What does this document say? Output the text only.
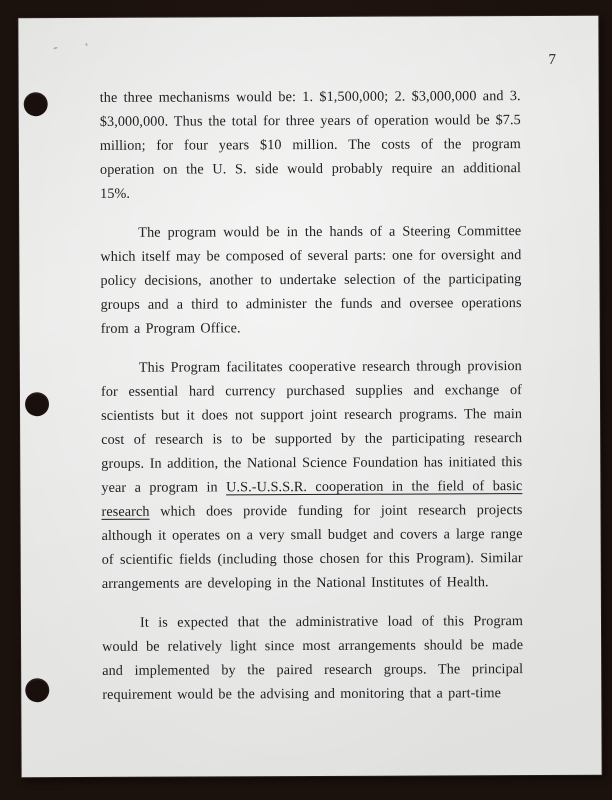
7

the three mechanisms would be: 1. $1,500,000; 2. $3,000,000 and 3. $3,000,000. Thus the total for three years of operation would be $7.5 million; for four years $10 million. The costs of the program operation on the U. S. side would probably require an additional 15%.

The program would be in the hands of a Steering Committee which itself may be composed of several parts: one for oversight and policy decisions, another to undertake selection of the participating groups and a third to administer the funds and oversee operations from a Program Office.

This Program facilitates cooperative research through provision for essential hard currency purchased supplies and exchange of scientists but it does not support joint research programs. The main cost of research is to be supported by the participating research groups. In addition, the National Science Foundation has initiated this year a program in U.S.-U.S.S.R. cooperation in the field of basic research which does provide funding for joint research projects although it operates on a very small budget and covers a large range of scientific fields (including those chosen for this Program). Similar arrangements are developing in the National Institutes of Health.

It is expected that the administrative load of this Program would be relatively light since most arrangements should be made and implemented by the paired research groups. The principal requirement would be the advising and monitoring that a part-time
